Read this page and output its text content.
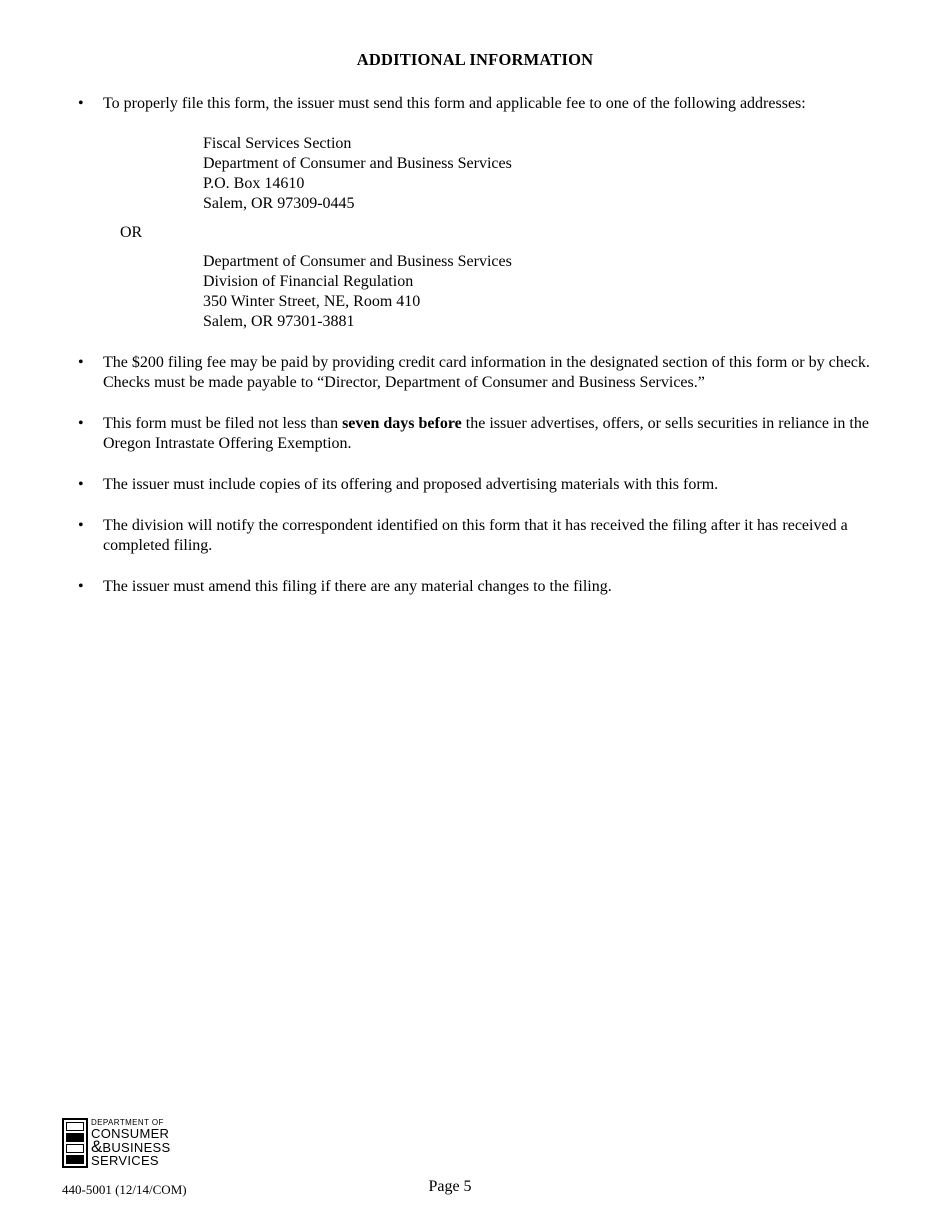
ADDITIONAL INFORMATION
•	To properly file this form, the issuer must send this form and applicable fee to one of the following addresses:
Fiscal Services Section
Department of Consumer and Business Services
P.O. Box 14610
Salem, OR 97309-0445
OR
Department of Consumer and Business Services
Division of Financial Regulation
350 Winter Street, NE, Room 410
Salem, OR 97301-3881
•	The $200 filing fee may be paid by providing credit card information in the designated section of this form or by check. Checks must be made payable to “Director, Department of Consumer and Business Services.”
•	This form must be filed not less than seven days before the issuer advertises, offers, or sells securities in reliance in the Oregon Intrastate Offering Exemption.
•	The issuer must include copies of its offering and proposed advertising materials with this form.
•	The division will notify the correspondent identified on this form that it has received the filing after it has received a completed filing.
•	The issuer must amend this filing if there are any material changes to the filing.
DEPARTMENT OF
CONSUMER
& BUSINESS
SERVICES
440-5001 (12/14/COM)	Page 5
